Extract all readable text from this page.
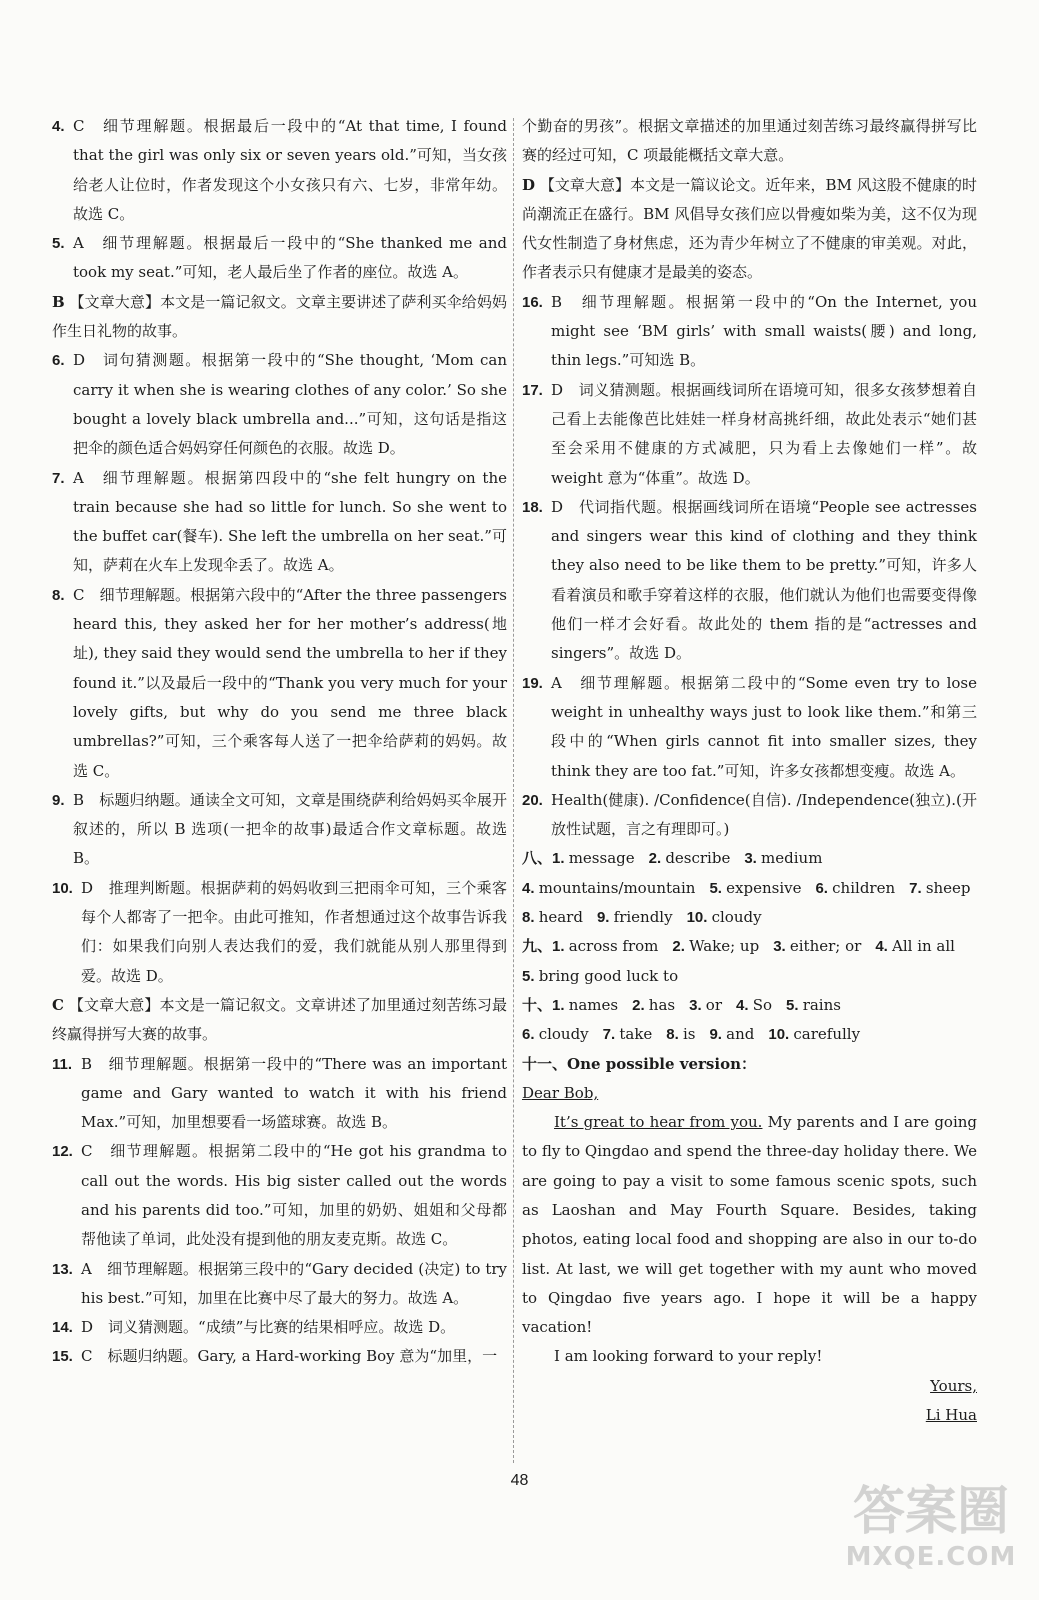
4. C　细节理解题。根据最后一段中的“At that time, I found that the girl was only six or seven years old.”可知，当女孩给老人让位时，作者发现这个小女孩只有六、七岁，非常年幼。故选 C。
5. A　细节理解题。根据最后一段中的“She thanked me and took my seat.”可知，老人最后坐了作者的座位。故选 A。
B 【文章大意】本文是一篇记叙文。文章主要讲述了萨利买伞给妈妈作生日礼物的故事。
6. D　词句猜测题。根据第一段中的“She thought, ‘Mom can carry it when she is wearing clothes of any color.’ So she bought a lovely black umbrella and...”可知，这句话是指这把伞的颜色适合妈妈穿任何颜色的衣服。故选 D。
7. A　细节理解题。根据第四段中的“she felt hungry on the train because she had so little for lunch. So she went to the buffet car(餐车). She left the umbrella on her seat.”可知，萨莉在火车上发现伞丢了。故选 A。
8. C　细节理解题。根据第六段中的“After the three passengers heard this, they asked her for her mother’s address(地址), they said they would send the umbrella to her if they found it.”以及最后一段中的“Thank you very much for your lovely gifts, but why do you send me three black umbrellas?”可知，三个乘客每人送了一把伞给萨莉的妈妈。故选 C。
9. B　标题归纳题。通读全文可知，文章是围绕萨利给妈妈买伞展开叙述的，所以 B 选项(一把伞的故事)最适合作文章标题。故选 B。
10. D　推理判断题。根据萨莉的妈妈收到三把雨伞可知，三个乘客每个人都寄了一把伞。由此可推知，作者想通过这个故事告诉我们：如果我们向别人表达我们的爱，我们就能从别人那里得到爱。故选 D。
C 【文章大意】本文是一篇记叙文。文章讲述了加里通过刻苦练习最终赢得拼写大赛的故事。
11. B　细节理解题。根据第一段中的“There was an important game and Gary wanted to watch it with his friend Max.”可知，加里想要看一场篮球赛。故选 B。
12. C　细节理解题。根据第二段中的“He got his grandma to call out the words. His big sister called out the words and his parents did too.”可知，加里的奶奶、姐姐和父母都帮他读了单词，此处没有提到他的朋友麦克斯。故选 C。
13. A　细节理解题。根据第三段中的“Gary decided (决定) to try his best.”可知，加里在比赛中尽了最大的努力。故选 A。
14. D　词义猜测题。“成绩”与比赛的结果相呼应。故选 D。
15. C　标题归纳题。Gary, a Hard-working Boy 意为“加里，一
个勤奋的男孩”。根据文章描述的加里通过刻苦练习最终赢得拼写比赛的经过可知，C 项最能概括文章大意。
D 【文章大意】本文是一篇议论文。近年来，BM 风这股不健康的时尚潮流正在盛行。BM 风倡导女孩们应以骨瘦如柴为美，这不仅为现代女性制造了身材焦虑，还为青少年树立了不健康的审美观。对此，作者表示只有健康才是最美的姿态。
16. B　细节理解题。根据第一段中的“On the Internet, you might see ‘BM girls’ with small waists(腰) and long, thin legs.”可知选 B。
17. D　词义猜测题。根据画线词所在语境可知，很多女孩梦想着自己看上去能像芭比娃娃一样身材高挑纤细，故此处表示“她们甚至会采用不健康的方式减肥，只为看上去像她们一样”。故 weight 意为“体重”。故选 D。
18. D　代词指代题。根据画线词所在语境“People see actresses and singers wear this kind of clothing and they think they also need to be like them to be pretty.”可知，许多人看着演员和歌手穿着这样的衣服，他们就认为他们也需要变得像他们一样才会好看。故此处的 them 指的是“actresses and singers”。故选 D。
19. A　细节理解题。根据第二段中的“Some even try to lose weight in unhealthy ways just to look like them.”和第三段中的“When girls cannot fit into smaller sizes, they think they are too fat.”可知，许多女孩都想变瘦。故选 A。
20. Health(健康). /Confidence(自信). /Independence(独立).(开放性试题，言之有理即可。)
八、1. message 2. describe 3. medium
4. mountains/mountain 5. expensive 6. children 7. sheep
8. heard 9. friendly 10. cloudy
九、1. across from 2. Wake; up 3. either; or 4. All in all
5. bring good luck to
十、1. names 2. has 3. or 4. So 5. rains
6. cloudy 7. take 8. is 9. and 10. carefully
十一、One possible version：

Dear Bob,

It’s great to hear from you. My parents and I are going to fly to Qingdao and spend the three-day holiday there. We are going to pay a visit to some famous scenic spots, such as Laoshan and May Fourth Square. Besides, taking photos, eating local food and shopping are also in our to-do list. At last, we will get together with my aunt who moved to Qingdao five years ago. I hope it will be a happy vacation!

I am looking forward to your reply!

Yours,

Li Hua

48
答案圈
MXQE.COM
